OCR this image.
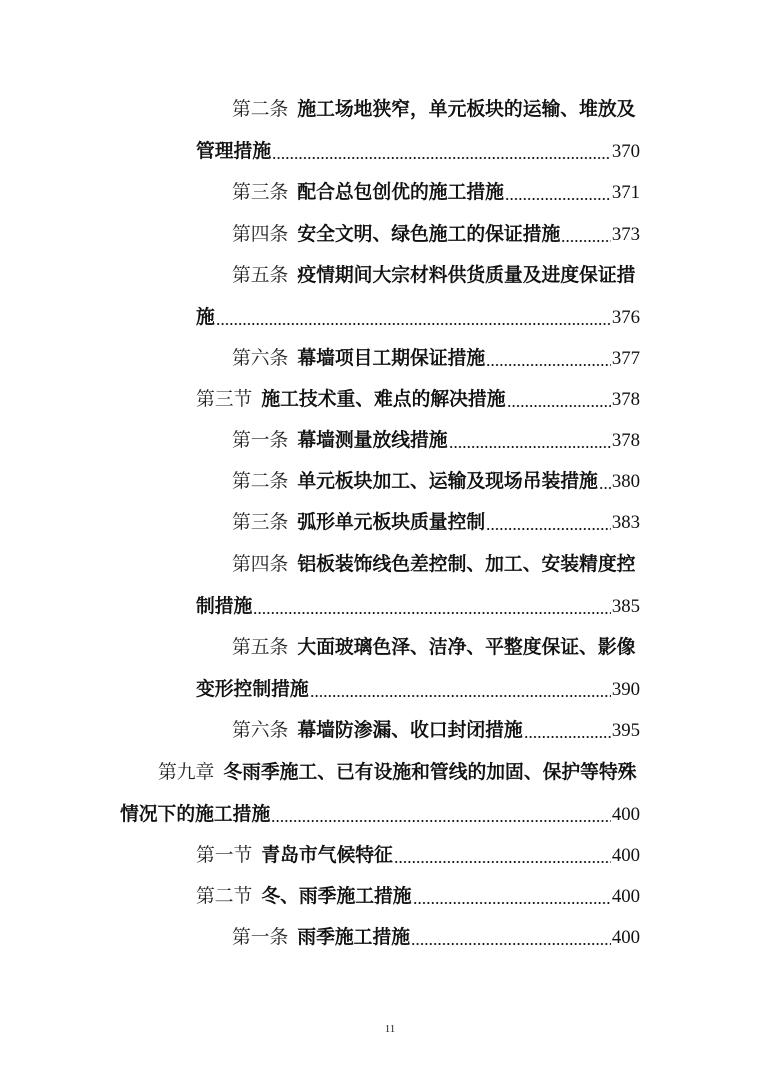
第二条 施工场地狭窄，单元板块的运输、堆放及
管理措施	370
第三条 配合总包创优的施工措施	371
第四条 安全文明、绿色施工的保证措施	373
第五条 疫情期间大宗材料供货质量及进度保证措
施	376
第六条 幕墙项目工期保证措施	377
第三节 施工技术重、难点的解决措施	378
第一条 幕墙测量放线措施	378
第二条 单元板块加工、运输及现场吊装措施 380
第三条 弧形单元板块质量控制	383
第四条 铝板装饰线色差控制、加工、安装精度控
制措施	385
第五条 大面玻璃色泽、洁净、平整度保证、影像
变形控制措施	390
第六条 幕墙防渗漏、收口封闭措施	395
第九章 冬雨季施工、已有设施和管线的加固、保护等特殊
情况下的施工措施	400
第一节 青岛市气候特征	400
第二节 冬、雨季施工措施	400
第一条 雨季施工措施	400
11
